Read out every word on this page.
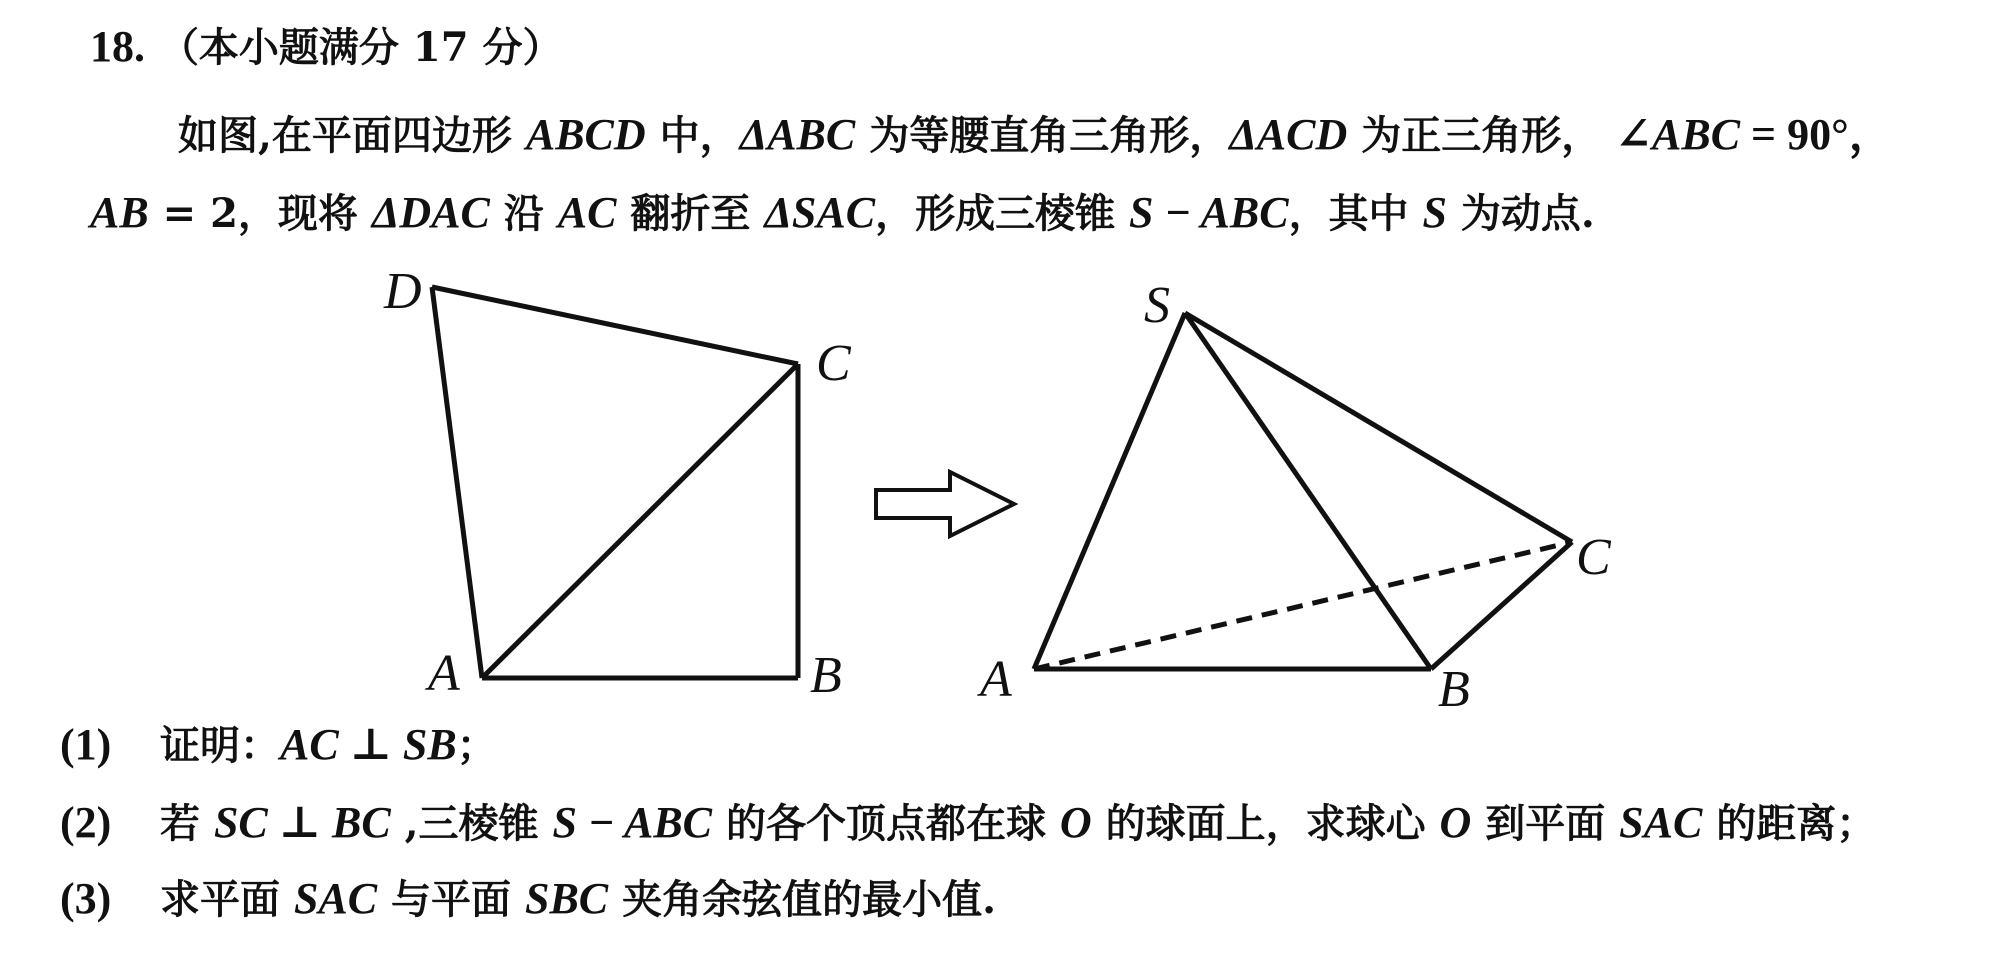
18. （本小题满分 17 分）
如图,在平面四边形 ABCD 中，ΔABC 为等腰直角三角形，ΔACD 为正三角形， ∠ABC = 90°，
AB = 2，现将 ΔDAC 沿 AC 翻折至 ΔSAC，形成三棱锥 S − ABC，其中 S 为动点.
D
C
A	B
S
C
A	B
(1) 证明：AC ⊥ SB；
(2) 若 SC ⊥ BC ,三棱锥 S − ABC 的各个顶点都在球 O 的球面上，求球心 O 到平面 SAC 的距离；
(3) 求平面 SAC 与平面 SBC 夹角余弦值的最小值.
